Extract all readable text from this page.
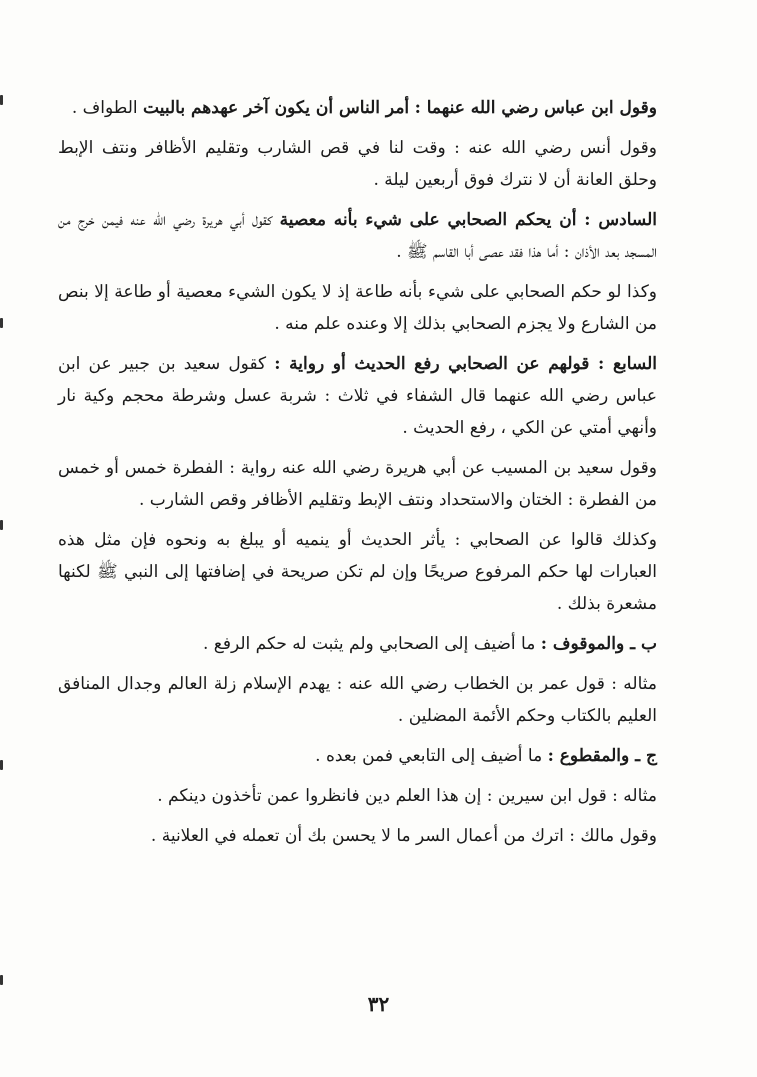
وقول ابن عباس رضي الله عنهما : أمر الناس أن يكون آخر عهدهم بالبيت الطواف .

وقول أنس رضي الله عنه : وقت لنا في قص الشارب وتقليم الأظافر ونتف الإبط وحلق العانة أن لا نترك فوق أربعين ليلة .

السادس : أن يحكم الصحابي على شيء بأنه معصية كقول أبي هريرة رضي الله عنه فيمن خرج من المسجد بعد الأذان : أما هذا فقد عصى أبا القاسم ﷺ .

وكذا لو حكم الصحابي على شيء بأنه طاعة إذ لا يكون الشيء معصية أو طاعة إلا بنص من الشارع ولا يجزم الصحابي بذلك إلا وعنده علم منه .

السابع : قولهم عن الصحابي رفع الحديث أو رواية : كقول سعيد بن جبير عن ابن عباس رضي الله عنهما قال الشفاء في ثلاث : شربة عسل وشرطة محجم وكية نار وأنهي أمتي عن الكي ، رفع الحديث .

وقول سعيد بن المسيب عن أبي هريرة رضي الله عنه رواية : الفطرة خمس أو خمس من الفطرة : الختان والاستحداد ونتف الإبط وتقليم الأظافر وقص الشارب .

وكذلك قالوا عن الصحابي : يأثر الحديث أو ينميه أو يبلغ به ونحوه فإن مثل هذه العبارات لها حكم المرفوع صريحًا وإن لم تكن صريحة في إضافتها إلى النبي ﷺ لكنها مشعرة بذلك .

ب ـ والموقوف : ما أضيف إلى الصحابي ولم يثبت له حكم الرفع .

مثاله : قول عمر بن الخطاب رضي الله عنه : يهدم الإسلام زلة العالم وجدال المنافق العليم بالكتاب وحكم الأئمة المضلين .

ج ـ والمقطوع : ما أضيف إلى التابعي فمن بعده .

مثاله : قول ابن سيرين : إن هذا العلم دين فانظروا عمن تأخذون دينكم .

وقول مالك : اترك من أعمال السر ما لا يحسن بك أن تعمله في العلانية .

٣٢
